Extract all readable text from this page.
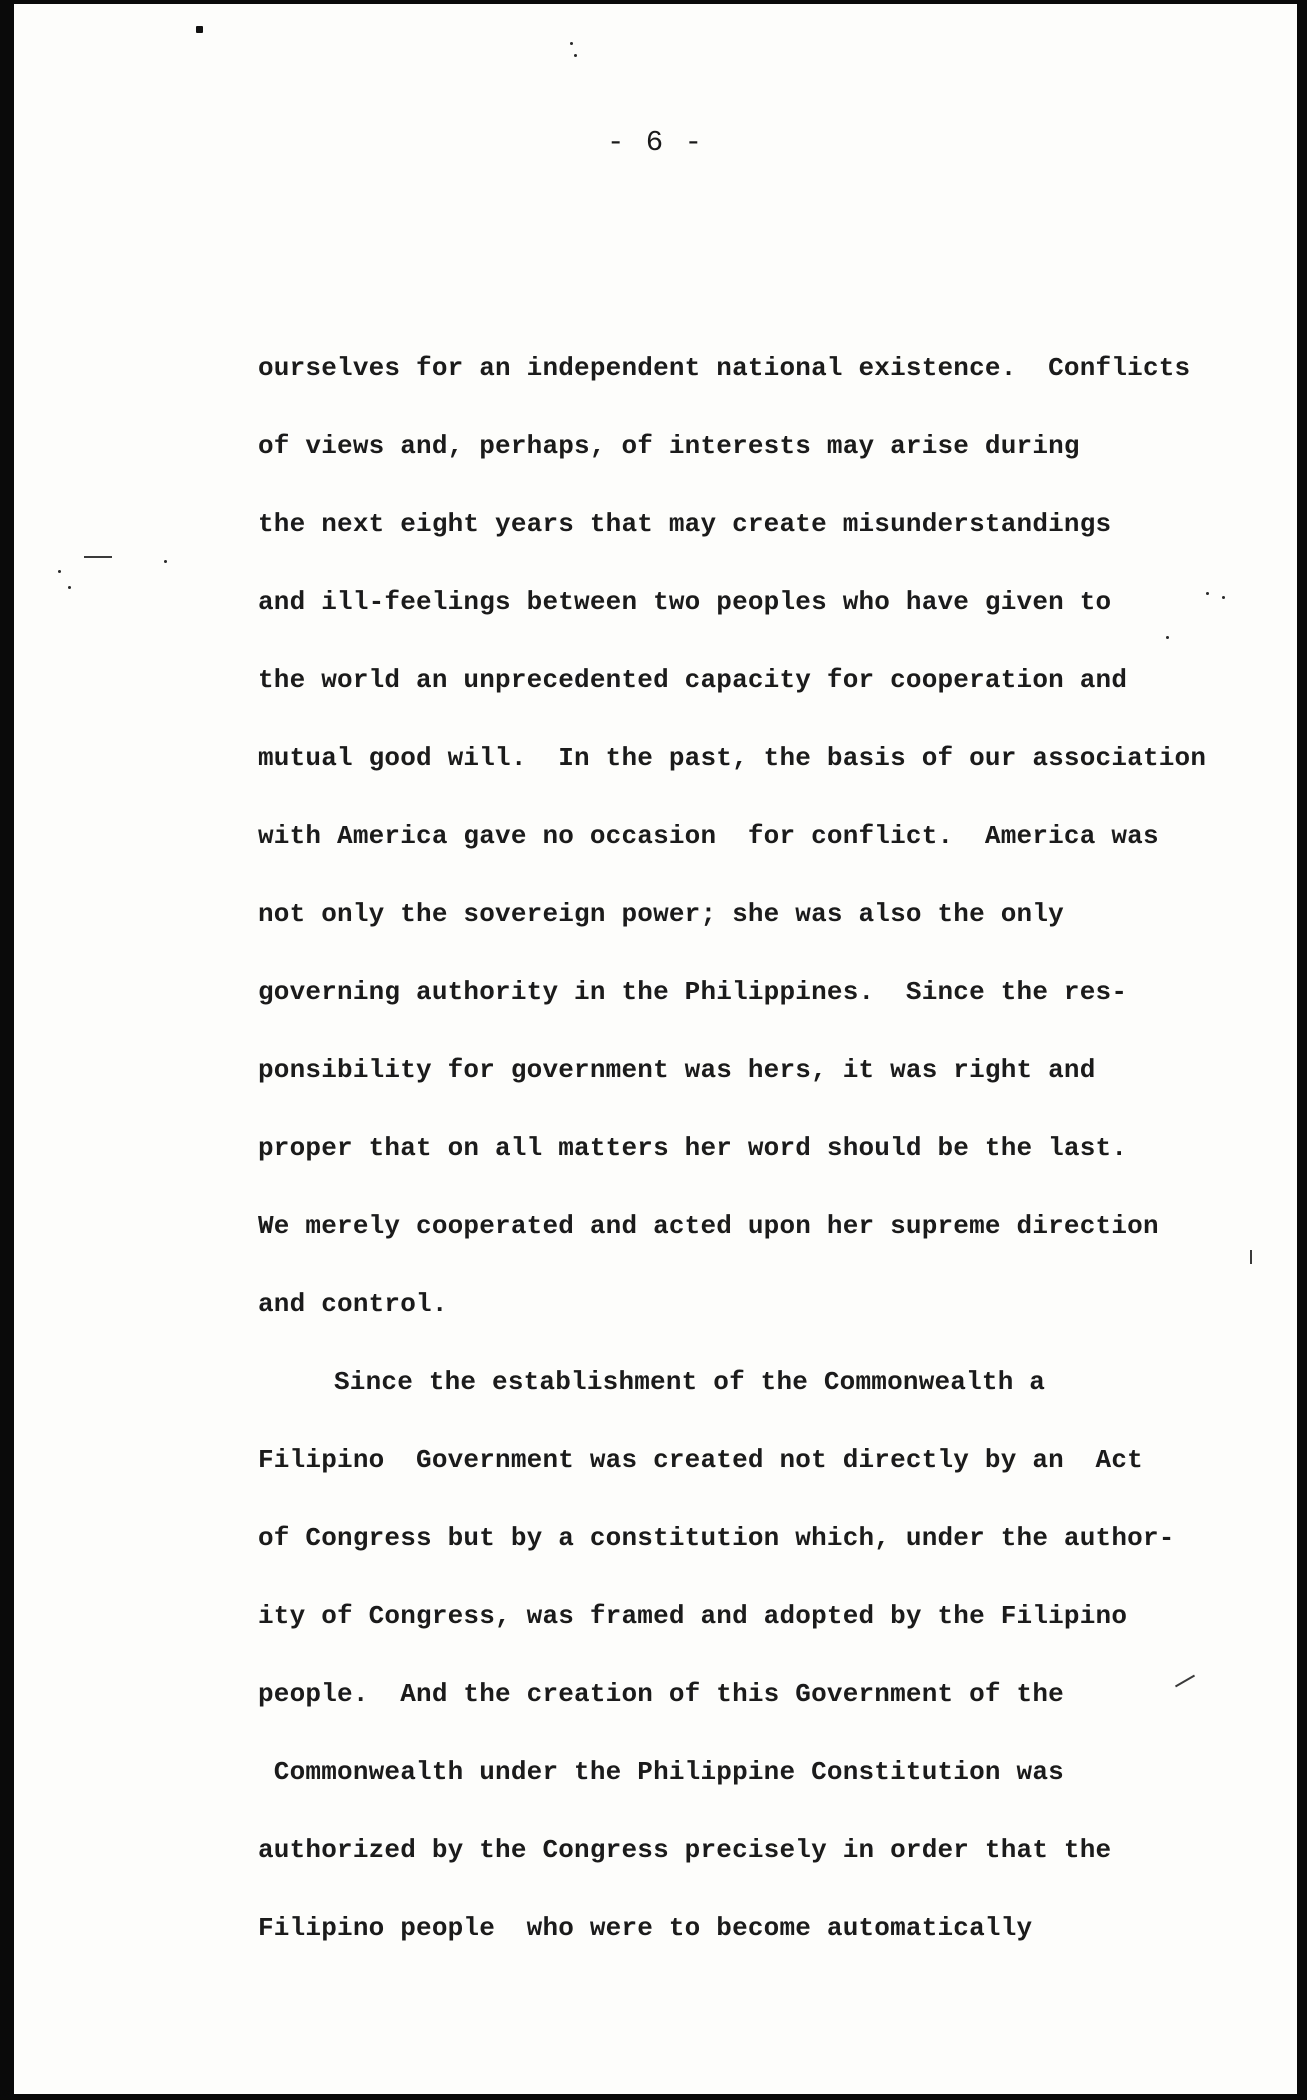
- 6 -
ourselves for an independent national existence.  Conflicts
of views and, perhaps, of interests may arise during
the next eight years that may create misunderstandings
and ill-feelings between two peoples who have given to
the world an unprecedented capacity for cooperation and
mutual good will.  In the past, the basis of our association
with America gave no occasion  for conflict.  America was
not only the sovereign power; she was also the only
governing authority in the Philippines.  Since the res-
ponsibility for government was hers, it was right and
proper that on all matters her word should be the last.
We merely cooperated and acted upon her supreme direction
and control.
Since the establishment of the Commonwealth a
Filipino  Government was created not directly by an  Act
of Congress but by a constitution which, under the author-
ity of Congress, was framed and adopted by the Filipino
people.  And the creation of this Government of the
Commonwealth under the Philippine Constitution was
authorized by the Congress precisely in order that the
Filipino people  who were to become automatically
